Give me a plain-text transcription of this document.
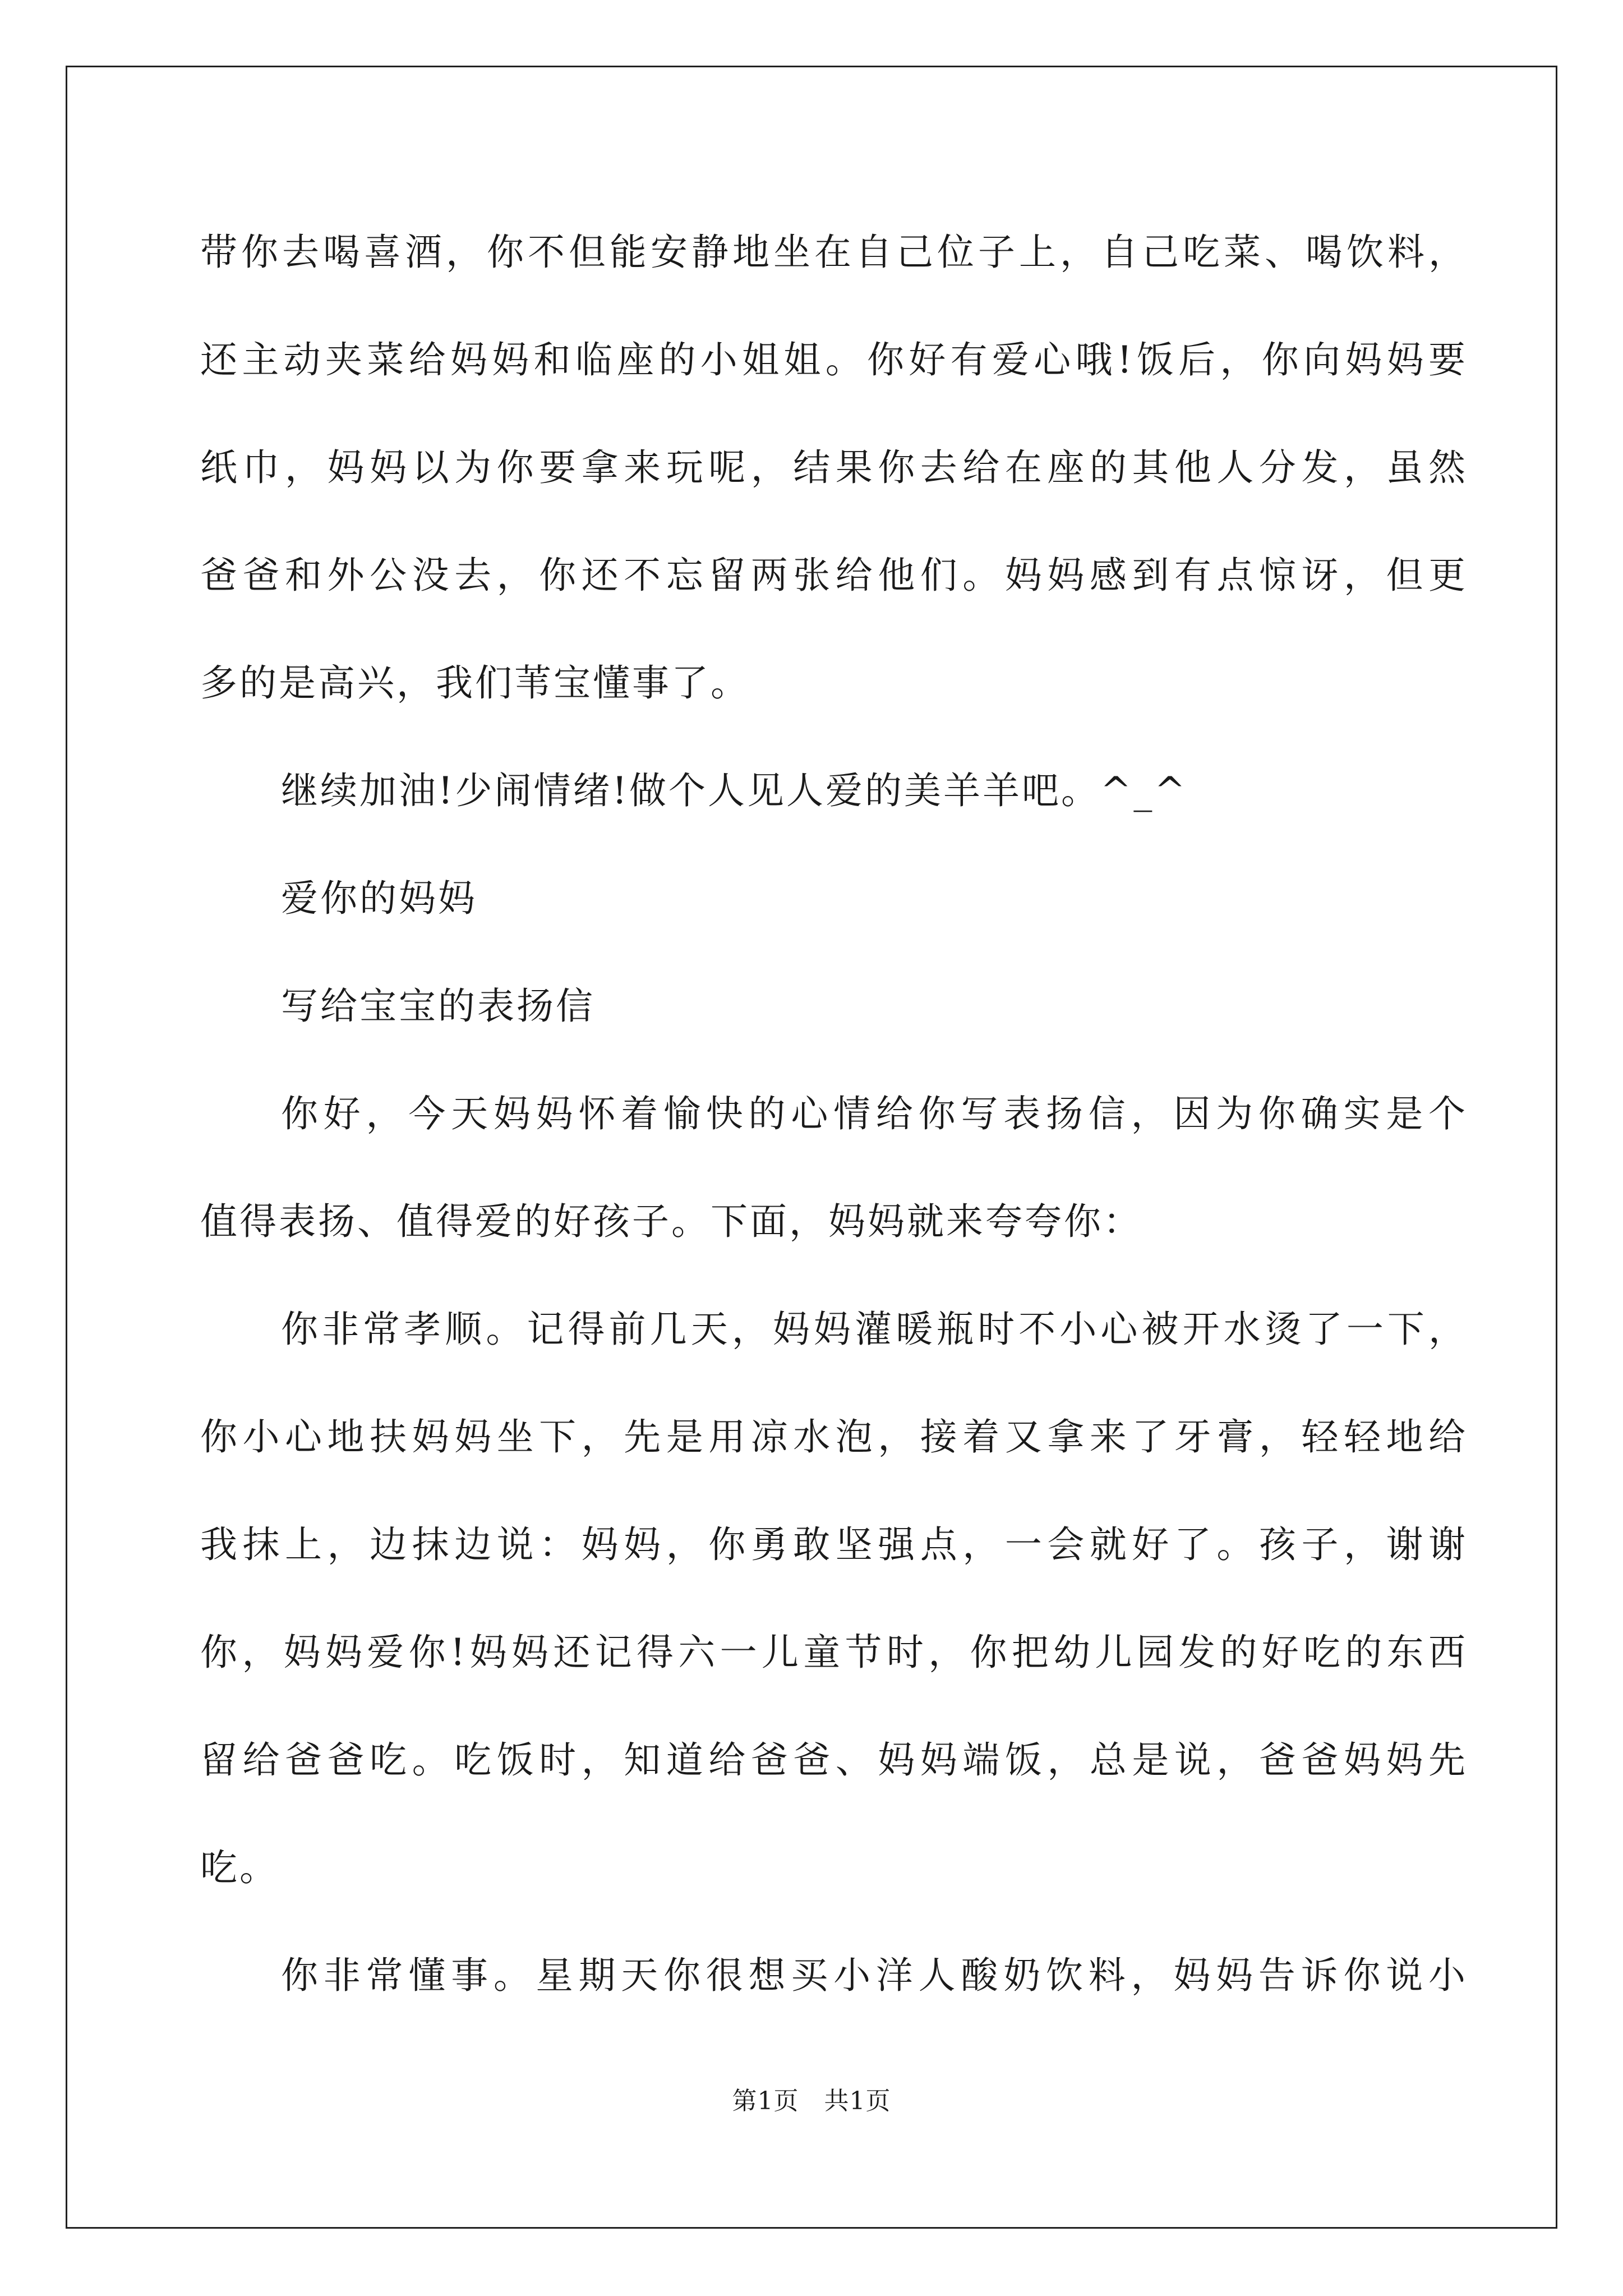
带你去喝喜酒，你不但能安静地坐在自己位子上，自己吃菜、喝饮料，
还主动夹菜给妈妈和临座的小姐姐。你好有爱心哦!饭后，你向妈妈要
纸巾，妈妈以为你要拿来玩呢，结果你去给在座的其他人分发，虽然
爸爸和外公没去，你还不忘留两张给他们。妈妈感到有点惊讶，但更
多的是高兴，我们苇宝懂事了。
继续加油!少闹情绪!做个人见人爱的美羊羊吧。^_^
爱你的妈妈
写给宝宝的表扬信
你好，今天妈妈怀着愉快的心情给你写表扬信，因为你确实是个
值得表扬、值得爱的好孩子。下面，妈妈就来夸夸你：
你非常孝顺。记得前几天，妈妈灌暖瓶时不小心被开水烫了一下，
你小心地扶妈妈坐下，先是用凉水泡，接着又拿来了牙膏，轻轻地给
我抹上，边抹边说：妈妈，你勇敢坚强点，一会就好了。孩子，谢谢
你，妈妈爱你!妈妈还记得六一儿童节时，你把幼儿园发的好吃的东西
留给爸爸吃。吃饭时，知道给爸爸、妈妈端饭，总是说，爸爸妈妈先
吃。
你非常懂事。星期天你很想买小洋人酸奶饮料，妈妈告诉你说小
第1页　共1页
